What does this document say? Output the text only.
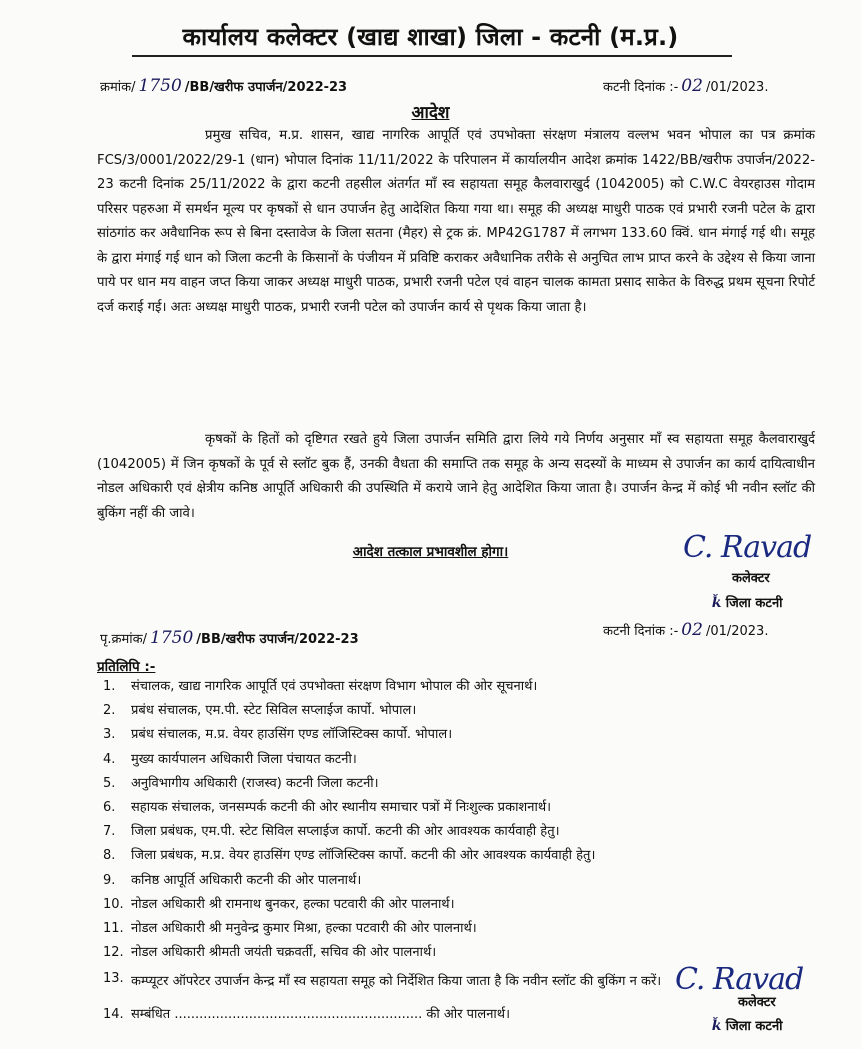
कार्यालय कलेक्टर (खाद्य शाखा) जिला - कटनी (म.प्र.)
क्रमांक/ 1750 /BB/खरीफ उपार्जन/2022-23	कटनी दिनांक :- 02 /01/2023.
आदेश
प्रमुख सचिव, म.प्र. शासन, खाद्य नागरिक आपूर्ति एवं उपभोक्ता संरक्षण मंत्रालय वल्लभ भवन भोपाल का पत्र क्रमांक FCS/3/0001/2022/29-1 (धान) भोपाल दिनांक 11/11/2022 के परिपालन में कार्यालयीन आदेश क्रमांक 1422/BB/खरीफ उपार्जन/2022-23 कटनी दिनांक 25/11/2022 के द्वारा कटनी तहसील अंतर्गत माँ स्व सहायता समूह कैलवाराखुर्द (1042005) को C.W.C वेयरहाउस गोदाम परिसर पहरुआ में समर्थन मूल्य पर कृषकों से धान उपार्जन हेतु आदेशित किया गया था। समूह की अध्यक्ष माधुरी पाठक एवं प्रभारी रजनी पटेल के द्वारा सांठगांठ कर अवैधानिक रूप से बिना दस्तावेज के जिला सतना (मैहर) से ट्रक क्रं. MP42G1787 में लगभग 133.60 क्विं. धान मंगाई गई थी। समूह के द्वारा मंगाई गई धान को जिला कटनी के किसानों के पंजीयन में प्रविष्टि कराकर अवैधानिक तरीके से अनुचित लाभ प्राप्त करने के उद्देश्य से किया जाना पाये पर धान मय वाहन जप्त किया जाकर अध्यक्ष माधुरी पाठक, प्रभारी रजनी पटेल एवं वाहन चालक कामता प्रसाद साकेत के विरुद्ध प्रथम सूचना रिपोर्ट दर्ज कराई गई। अतः अध्यक्ष माधुरी पाठक, प्रभारी रजनी पटेल को उपार्जन कार्य से पृथक किया जाता है।
कृषकों के हितों को दृष्टिगत रखते हुये जिला उपार्जन समिति द्वारा लिये गये निर्णय अनुसार माँ स्व सहायता समूह कैलवाराखुर्द (1042005) में जिन कृषकों के पूर्व से स्लॉट बुक हैं, उनकी वैधता की समाप्ति तक समूह के अन्य सदस्यों के माध्यम से उपार्जन का कार्य दायित्वाधीन नोडल अधिकारी एवं क्षेत्रीय कनिष्ठ आपूर्ति अधिकारी की उपस्थिति में कराये जाने हेतु आदेशित किया जाता है। उपार्जन केन्द्र में कोई भी नवीन स्लॉट की बुकिंग नहीं की जावे।
आदेश तत्काल प्रभावशील होगा।	C. Ravad
कलेक्टर
ǩ जिला कटनी
पृ.क्रमांक/ 1750 /BB/खरीफ उपार्जन/2022-23
कटनी दिनांक :- 02 /01/2023.
प्रतिलिपि :-
1.	संचालक, खाद्य नागरिक आपूर्ति एवं उपभोक्ता संरक्षण विभाग भोपाल की ओर सूचनार्थ।
2.	प्रबंध संचालक, एम.पी. स्टेट सिविल सप्लाईज कार्पो. भोपाल।
3.	प्रबंध संचालक, म.प्र. वेयर हाउसिंग एण्ड लॉजिस्टिक्स कार्पो. भोपाल।
4.	मुख्य कार्यपालन अधिकारी जिला पंचायत कटनी।
5.	अनुविभागीय अधिकारी (राजस्व) कटनी जिला कटनी।
6.	सहायक संचालक, जनसम्पर्क कटनी की ओर स्थानीय समाचार पत्रों में निःशुल्क प्रकाशनार्थ।
7.	जिला प्रबंधक, एम.पी. स्टेट सिविल सप्लाईज कार्पो. कटनी की ओर आवश्यक कार्यवाही हेतु।
8.	जिला प्रबंधक, म.प्र. वेयर हाउसिंग एण्ड लॉजिस्टिक्स कार्पो. कटनी की ओर आवश्यक कार्यवाही हेतु।
9.	कनिष्ठ आपूर्ति अधिकारी कटनी की ओर पालनार्थ।
10. नोडल अधिकारी श्री रामनाथ बुनकर, हल्का पटवारी की ओर पालनार्थ।
11. नोडल अधिकारी श्री मनुवेन्द्र कुमार मिश्रा, हल्का पटवारी की ओर पालनार्थ।
12. नोडल अधिकारी श्रीमती जयंती चक्रवर्ती, सचिव की ओर पालनार्थ।
13. कम्प्यूटर ऑपरेटर उपार्जन केन्द्र माँ स्व सहायता समूह को निर्देशित किया जाता है कि नवीन स्लॉट की बुकिंग न करें।
14. सम्बंधित ............................................................ की ओर पालनार्थ।
C. Ravad
कलेक्टर
ǩ जिला कटनी
